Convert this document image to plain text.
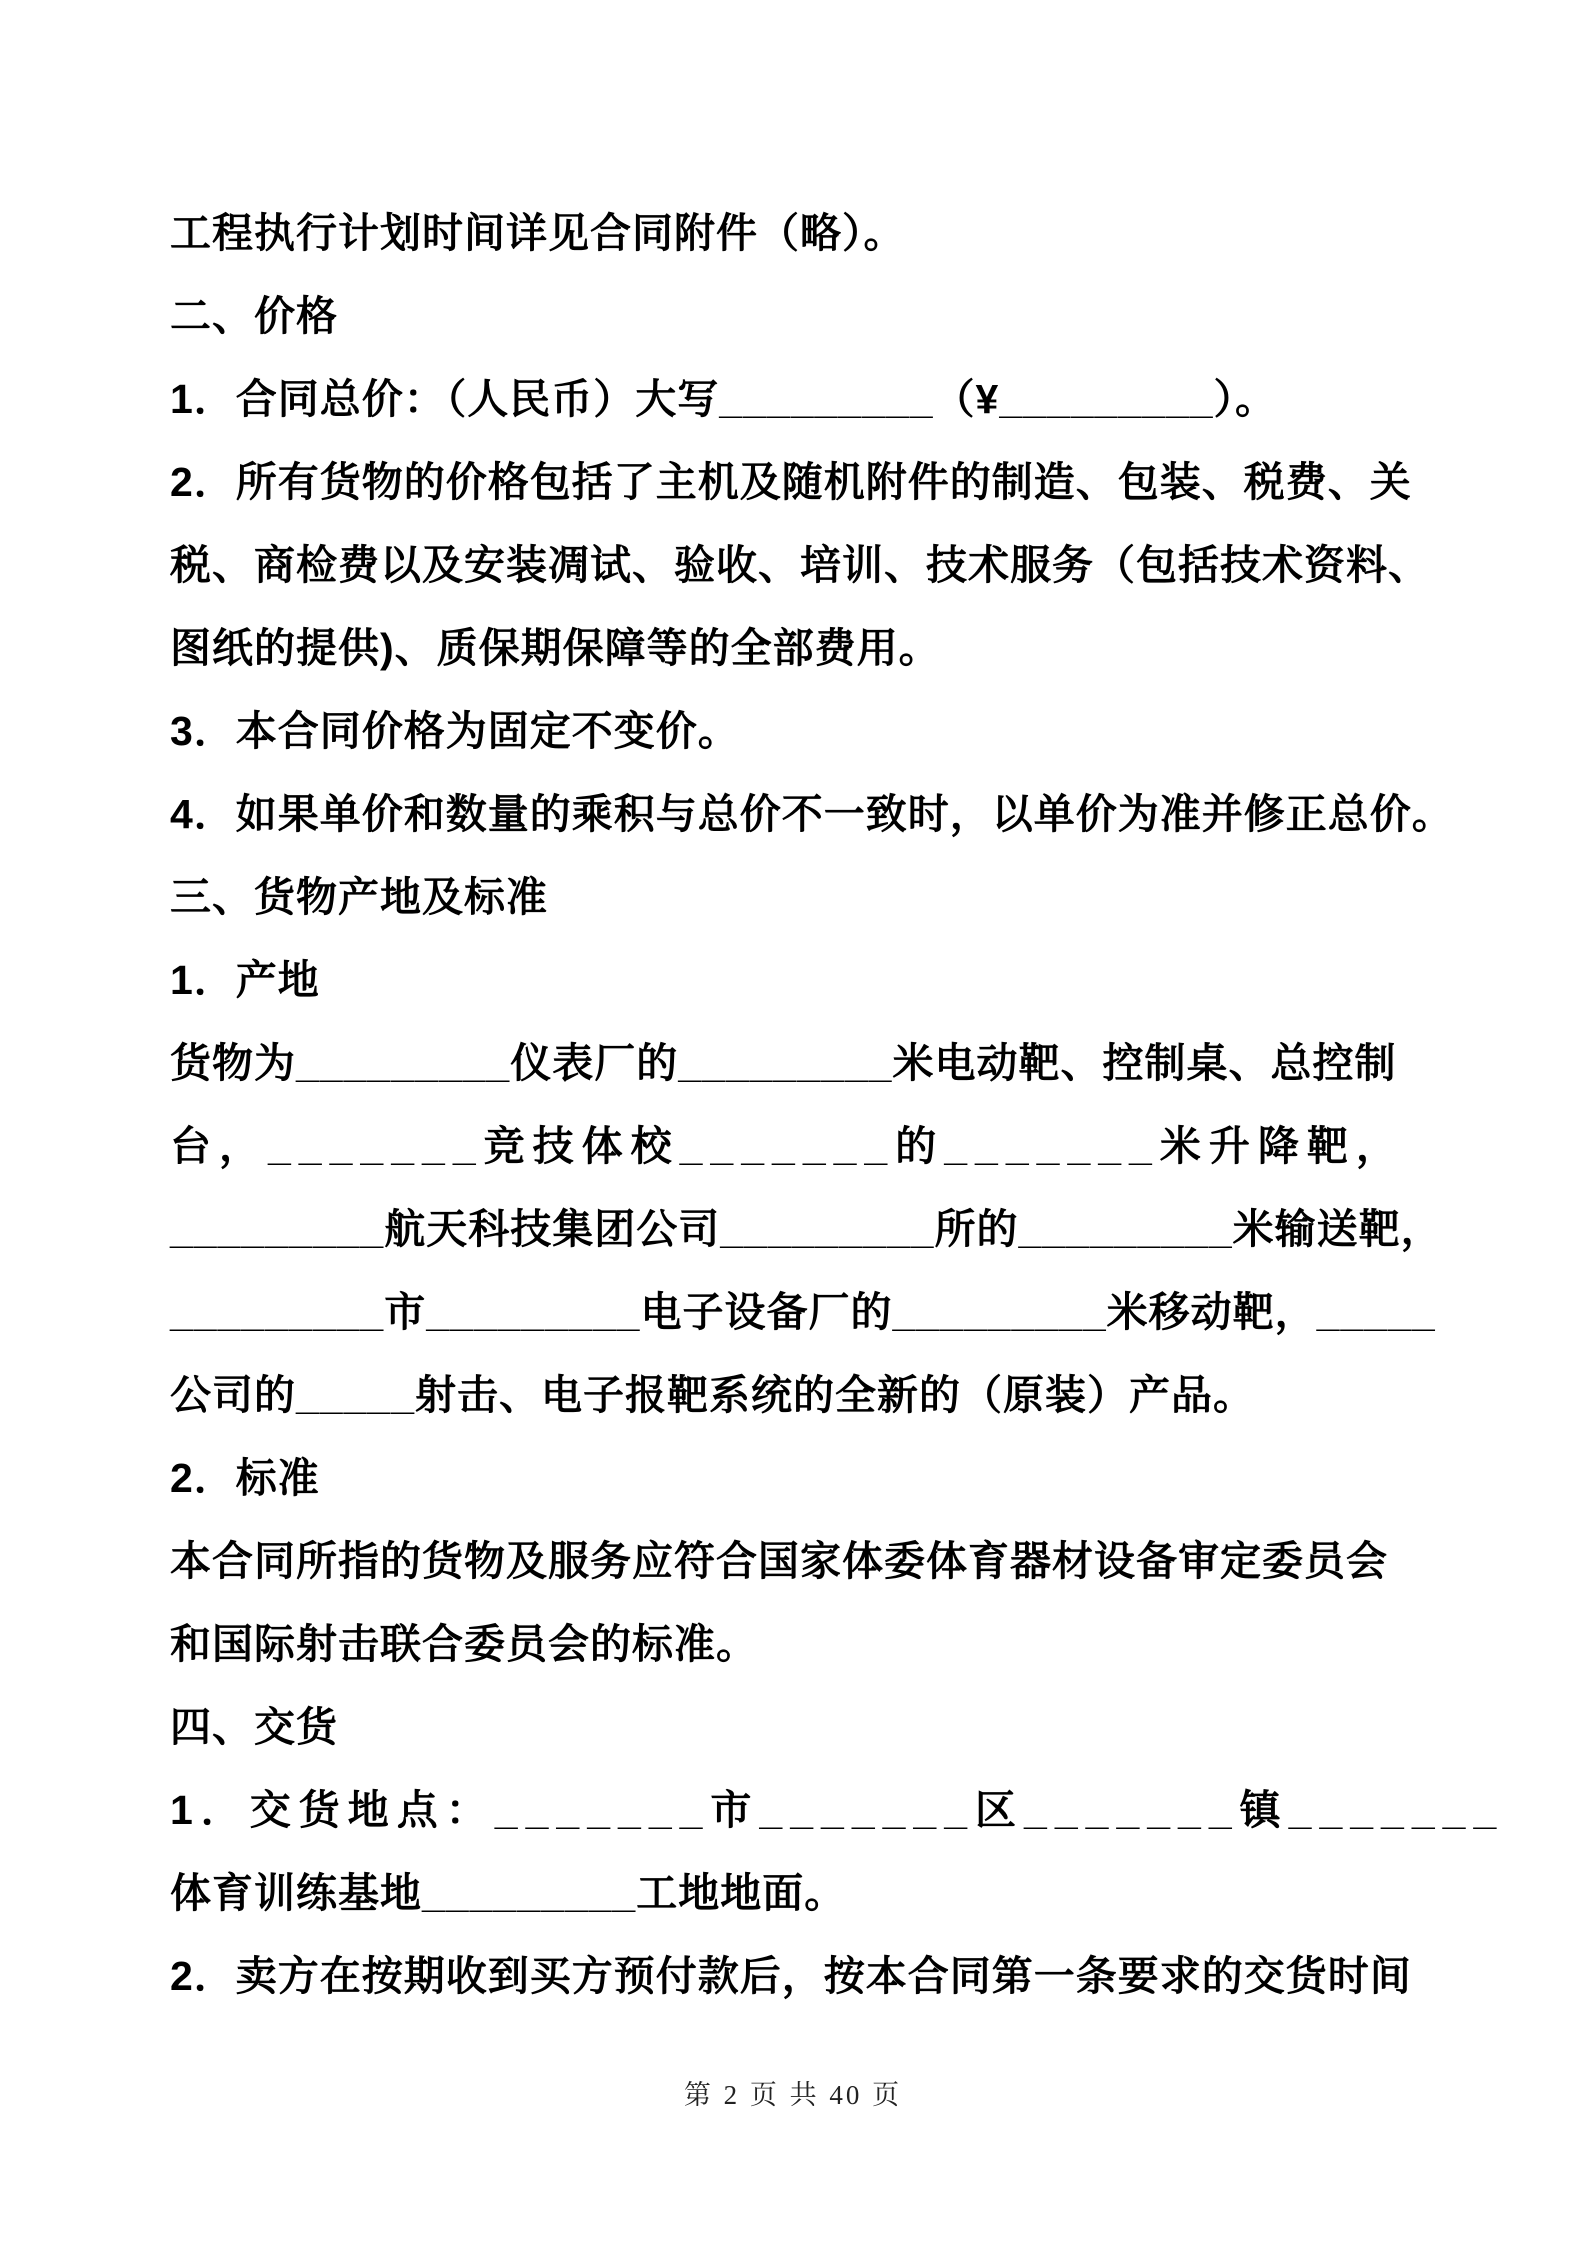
工程执行计划时间详见合同附件（略）。
二、价格
1．合同总价：（人民币）大写_________（¥_________）。
2．所有货物的价格包括了主机及随机附件的制造、包装、税费、关
税、商检费以及安装凋试、验收、培训、技术服务（包括技术资料、
图纸的提供)、质保期保障等的全部费用。
3．本合同价格为固定不变价。
4．如果单价和数量的乘积与总价不一致时，以单价为准并修正总价。
三、货物产地及标准
1．产地
货物为_________仪表厂的_________米电动靶、控制桌、总控制
台，_______竞技体校_______的_______米升降靶，
_________航天科技集团公司_________所的_________米输送靶，
_________市_________电子设备厂的_________米移动靶，_____
公司的_____射击、电子报靶系统的全新的（原装）产品。
2．标准
本合同所指的货物及服务应符合国家体委体育器材设备审定委员会
和国际射击联合委员会的标准。
四、交货
1．交货地点：_______市_______区_______镇_______
体育训练基地_________工地地面。
2．卖方在按期收到买方预付款后，按本合同第一条要求的交货时间
第 2 页 共 40 页
